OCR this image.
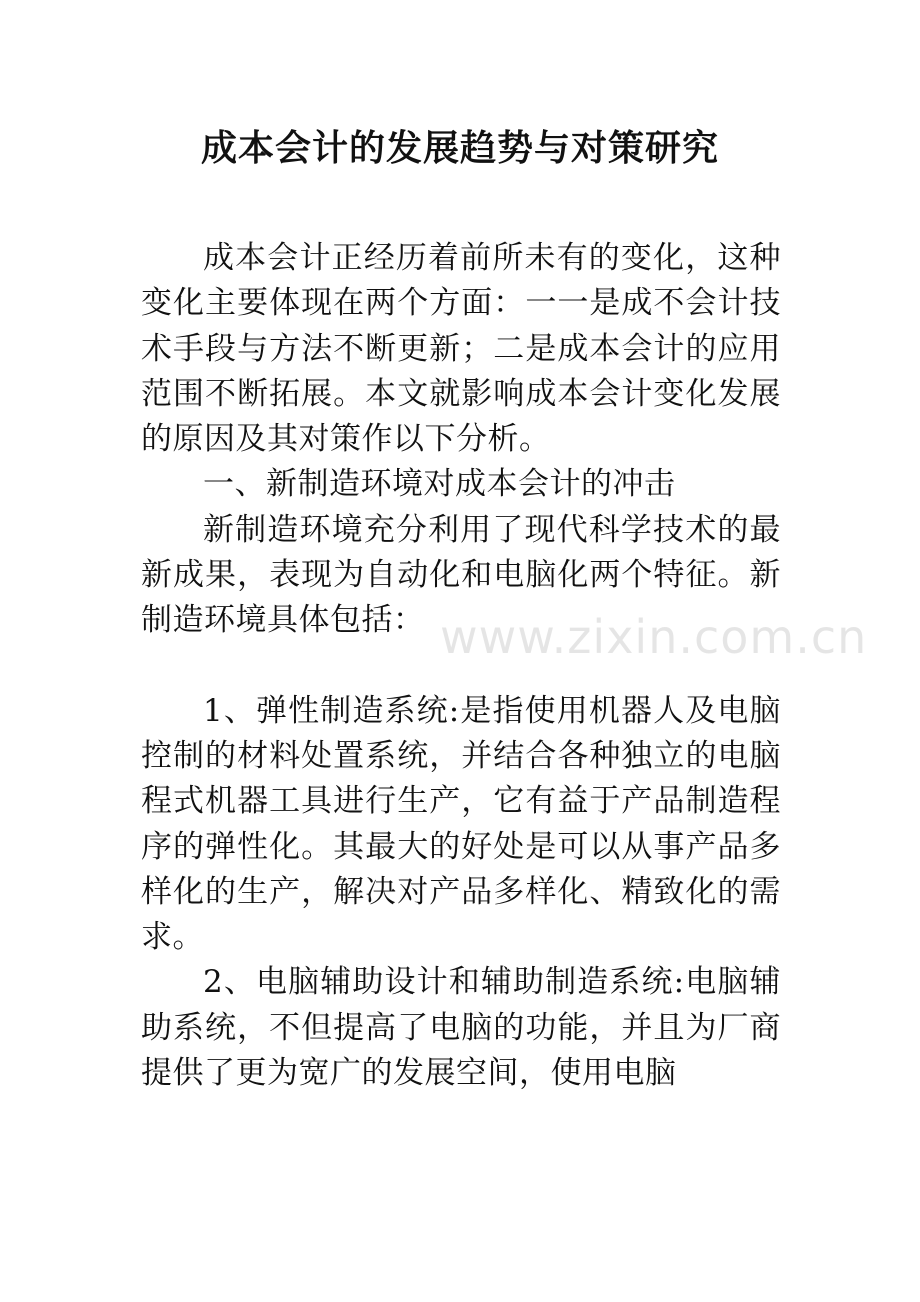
成本会计的发展趋势与对策研究

成本会计正经历着前所未有的变化，这种变化主要体现在两个方面：一一是成不会计技术手段与方法不断更新；二是成本会计的应用范围不断拓展。本文就影响成本会计变化发展的原因及其对策作以下分析。

一、新制造环境对成本会计的冲击

新制造环境充分利用了现代科学技术的最新成果，表现为自动化和电脑化两个特征。新制造环境具体包括：

1、弹性制造系统:是指使用机器人及电脑控制的材料处置系统，并结合各种独立的电脑程式机器工具进行生产，它有益于产品制造程序的弹性化。其最大的好处是可以从事产品多样化的生产，解决对产品多样化、精致化的需求。

2、电脑辅助设计和辅助制造系统:电脑辅助系统，不但提高了电脑的功能，并且为厂商提供了更为宽广的发展空间，使用电脑

www.zixin.com.cn
